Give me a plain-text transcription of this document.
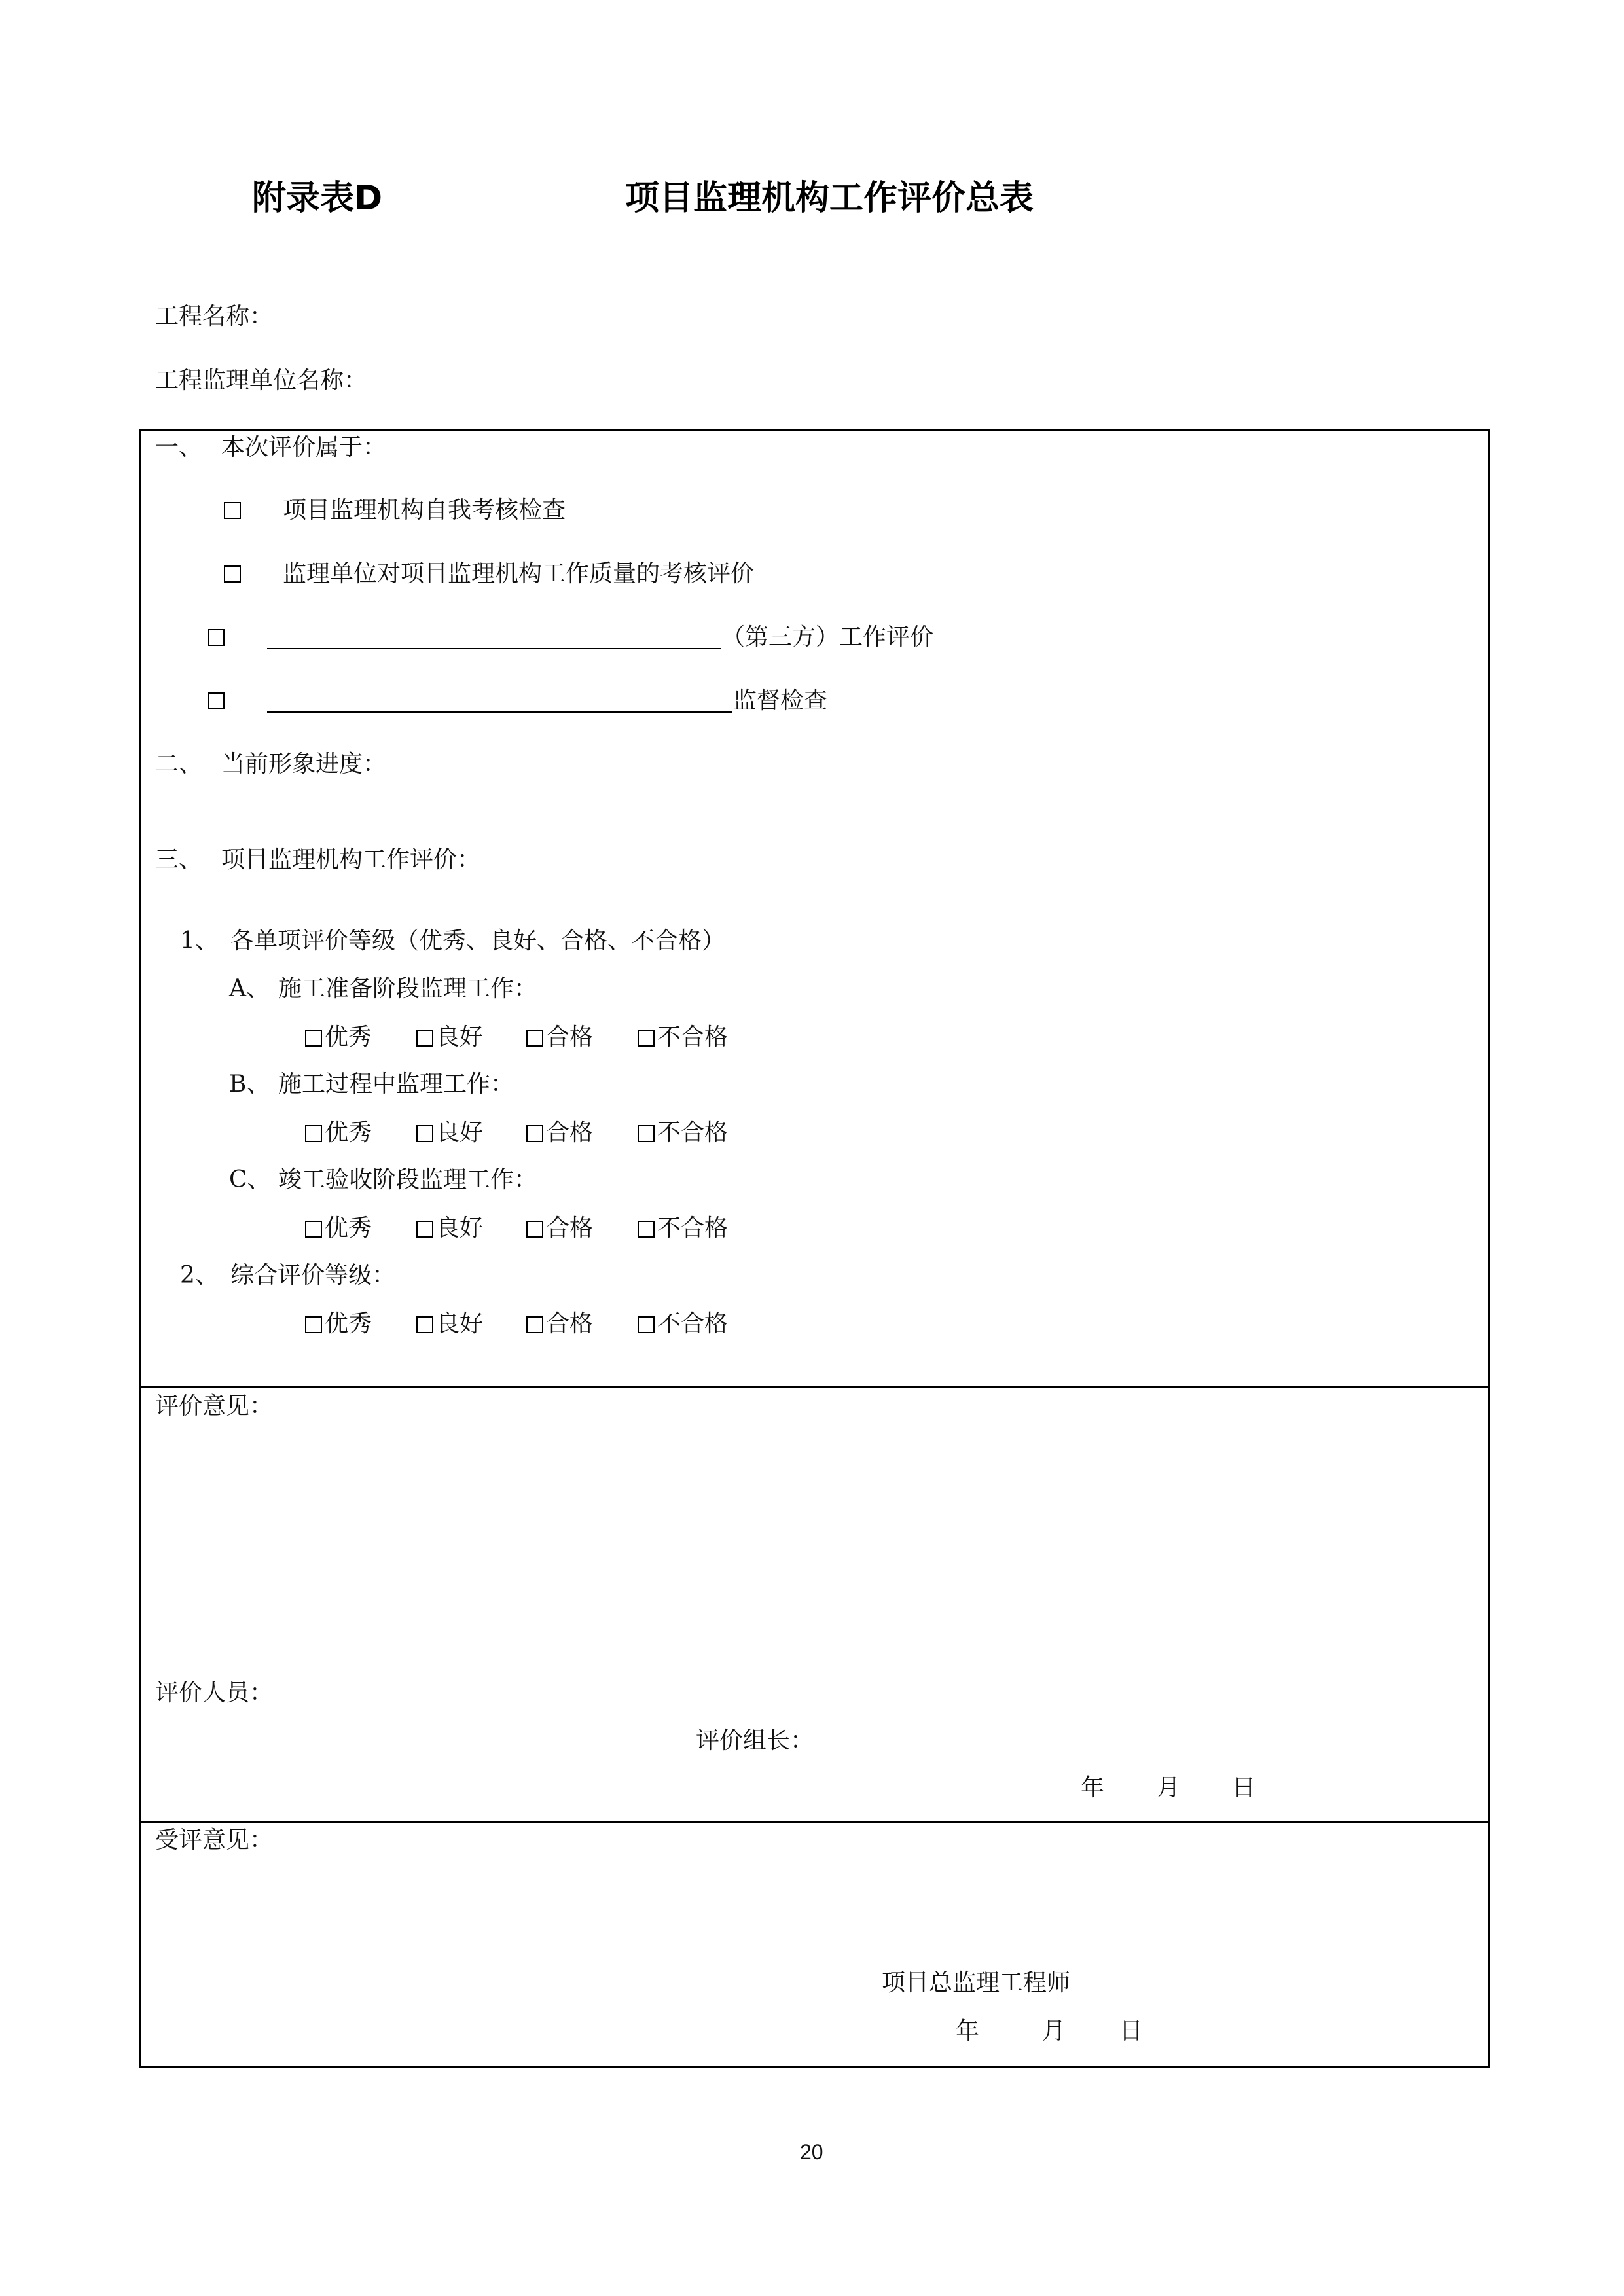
附录表D	项目监理机构工作评价总表
工程名称：
工程监理单位名称：
一、 本次评价属于：
项目监理机构自我考核检查
监理单位对项目监理机构工作质量的考核评价
（第三方）工作评价
监督检查
二、 当前形象进度：
三、 项目监理机构工作评价：
1、 各单项评价等级（优秀、良好、合格、不合格）
A、 施工准备阶段监理工作：
优秀	良好	合格	不合格
B、 施工过程中监理工作：
优秀	良好	合格	不合格
C、 竣工验收阶段监理工作：
优秀	良好	合格	不合格
2、 综合评价等级：
优秀	良好	合格	不合格
评价意见：
评价人员：
评价组长：
年 月 日
受评意见：
项目总监理工程师
年	月 日
20
